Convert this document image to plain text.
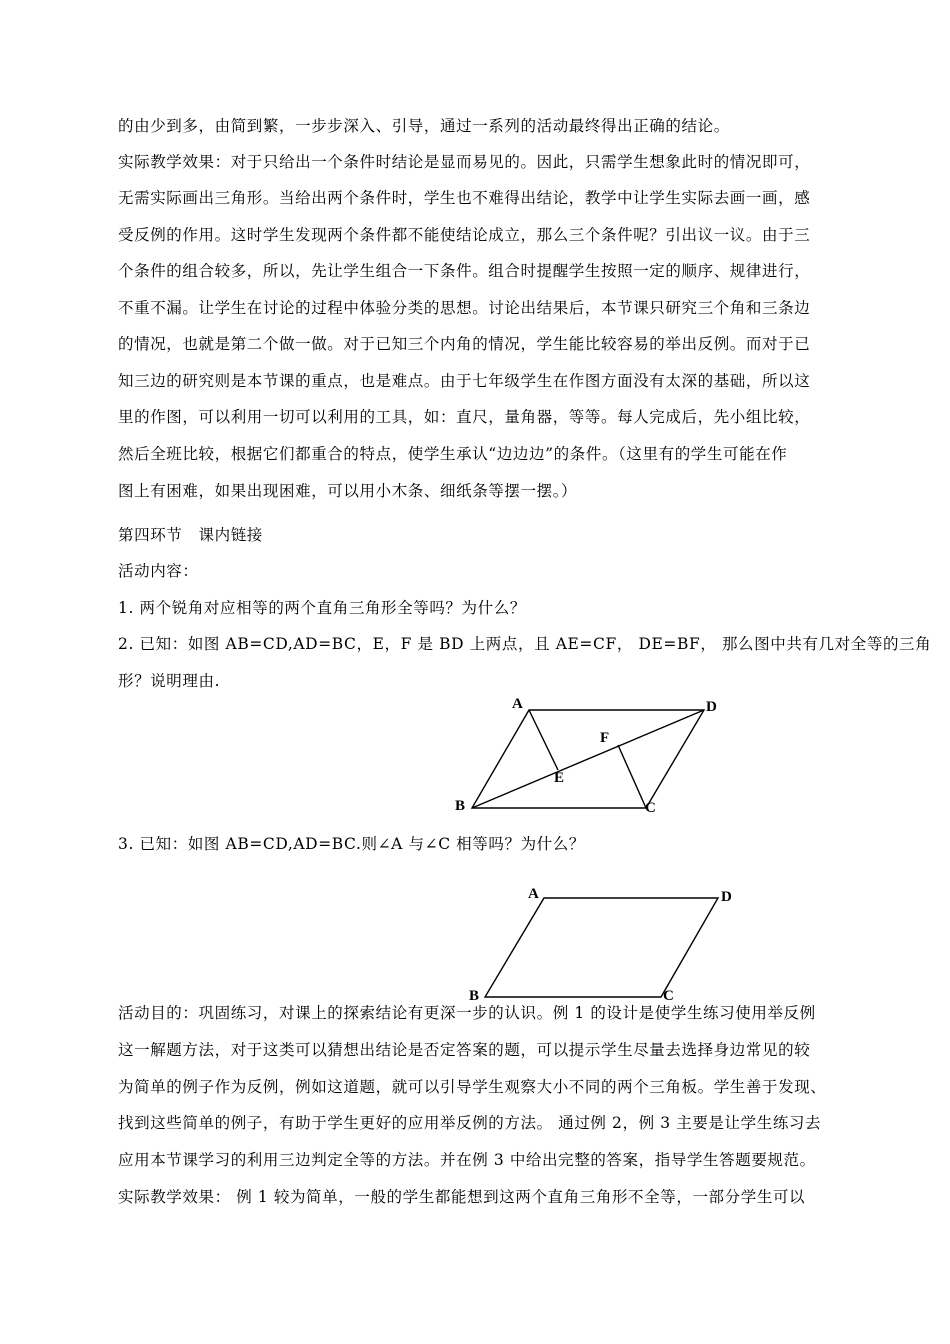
的由少到多，由简到繁，一步步深入、引导，通过一系列的活动最终得出正确的结论。
实际教学效果：对于只给出一个条件时结论是显而易见的。因此，只需学生想象此时的情况即可，
无需实际画出三角形。当给出两个条件时，学生也不难得出结论，教学中让学生实际去画一画，感
受反例的作用。这时学生发现两个条件都不能使结论成立，那么三个条件呢？引出议一议。由于三
个条件的组合较多，所以，先让学生组合一下条件。组合时提醒学生按照一定的顺序、规律进行，
不重不漏。让学生在讨论的过程中体验分类的思想。讨论出结果后，本节课只研究三个角和三条边
的情况，也就是第二个做一做。对于已知三个内角的情况，学生能比较容易的举出反例。而对于已
知三边的研究则是本节课的重点，也是难点。由于七年级学生在作图方面没有太深的基础，所以这
里的作图，可以利用一切可以利用的工具，如：直尺，量角器，等等。每人完成后，先小组比较，
然后全班比较，根据它们都重合的特点，使学生承认“边边边”的条件。（这里有的学生可能在作
图上有困难，如果出现困难，可以用小木条、细纸条等摆一摆。）
第四环节　课内链接
活动内容：
1. 两个锐角对应相等的两个直角三角形全等吗？为什么？
2. 已知：如图 AB=CD,AD=BC，E，F 是 BD 上两点，且 AE=CF， DE=BF， 那么图中共有几对全等的三角
形？说明理由.
A	D
F
E
B	C
3. 已知：如图 AB=CD,AD=BC.则∠A 与∠C 相等吗？为什么？
A	D
B	C
活动目的：巩固练习，对课上的探索结论有更深一步的认识。例 1 的设计是使学生练习使用举反例
这一解题方法，对于这类可以猜想出结论是否定答案的题，可以提示学生尽量去选择身边常见的较
为简单的例子作为反例，例如这道题，就可以引导学生观察大小不同的两个三角板。学生善于发现、
找到这些简单的例子，有助于学生更好的应用举反例的方法。 通过例 2，例 3 主要是让学生练习去
应用本节课学习的利用三边判定全等的方法。并在例 3 中给出完整的答案，指导学生答题要规范。
实际教学效果： 例 1 较为简单，一般的学生都能想到这两个直角三角形不全等，一部分学生可以
